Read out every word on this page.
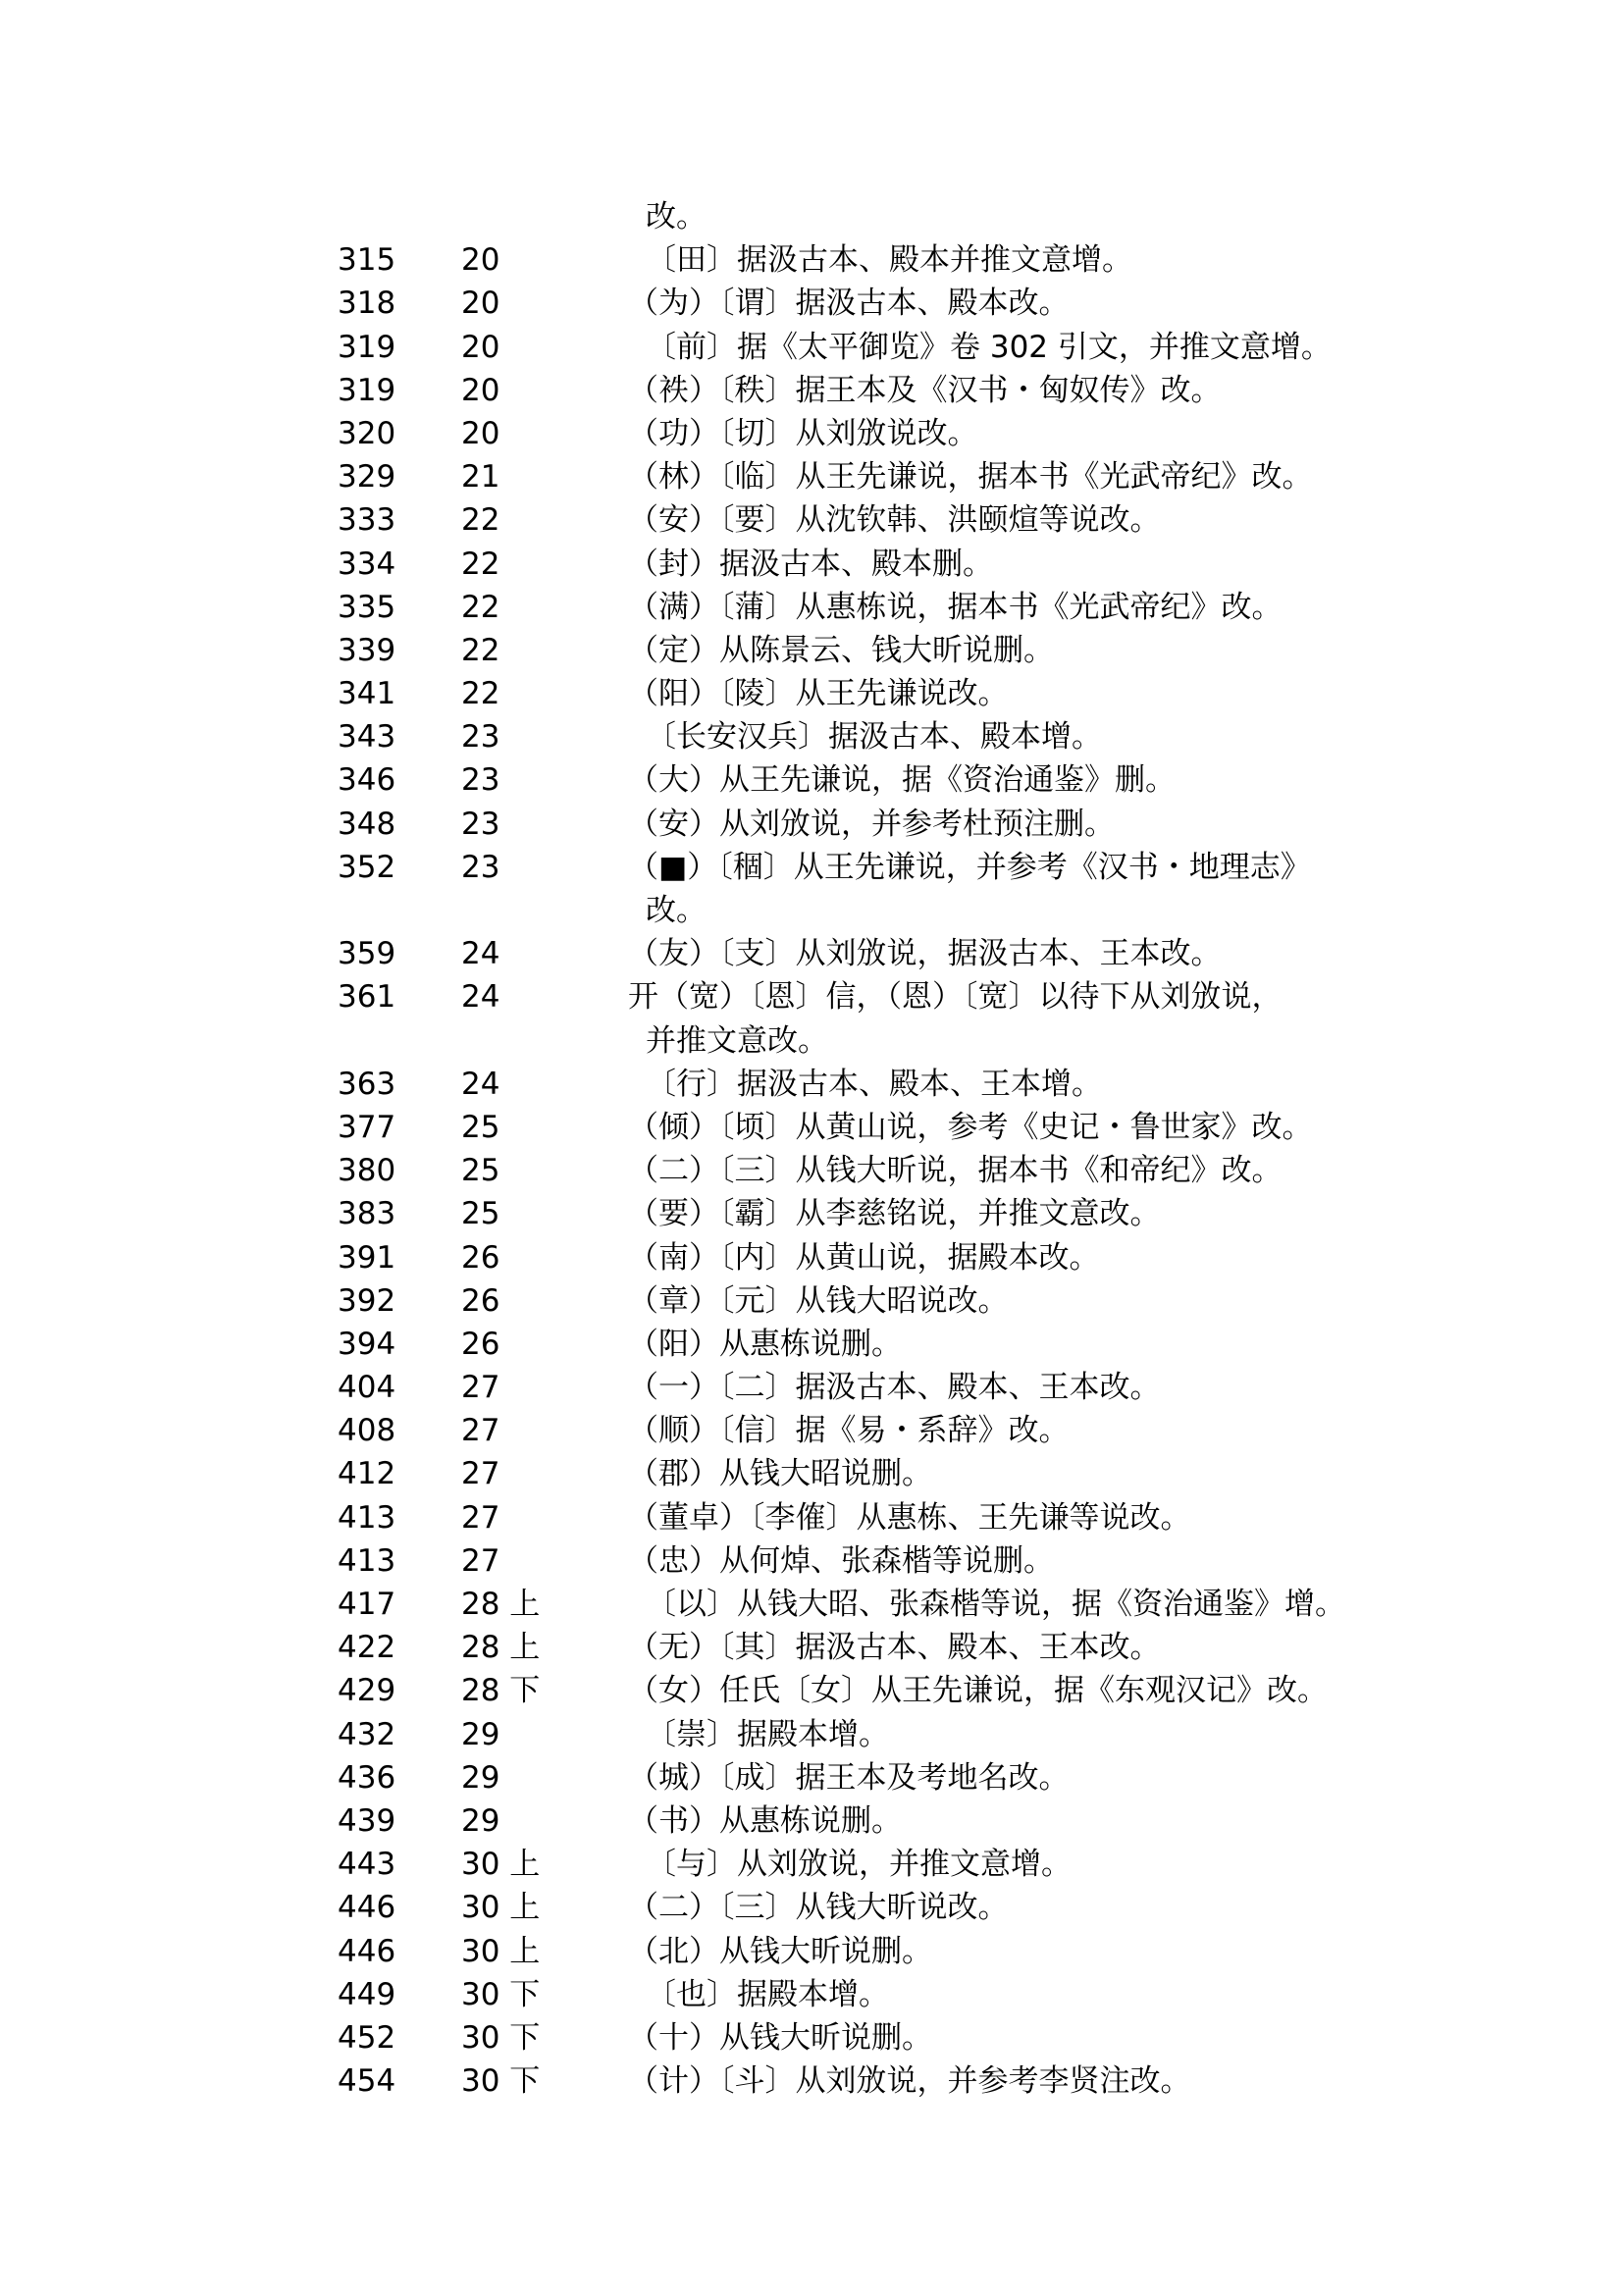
改。
315 20	〔田〕据汲古本、殿本并推文意增。
318 20	（为）〔谓〕据汲古本、殿本改。
319 20	〔前〕据《太平御览》卷 302 引文，并推文意增。
319 20	（袟）〔秩〕据王本及《汉书・匈奴传》改。
320 20	（功）〔切〕从刘攽说改。
329 21	（林）〔临〕从王先谦说，据本书《光武帝纪》改。
333 22	（安）〔要〕从沈钦韩、洪颐煊等说改。
334 22	（封）据汲古本、殿本删。
335 22	（满）〔蒲〕从惠栋说，据本书《光武帝纪》改。
339 22	（定）从陈景云、钱大昕说删。
341 22	（阳）〔陵〕从王先谦说改。
343 23	〔长安汉兵〕据汲古本、殿本增。
346 23	（大）从王先谦说，据《资治通鉴》删。
348 23	（安）从刘攽说，并参考杜预注删。
352 23	（■）〔稒〕从王先谦说，并参考《汉书・地理志》
改。
359 24	（友）〔支〕从刘攽说，据汲古本、王本改。
361 24	开（宽）〔恩〕信，（恩）〔宽〕以待下从刘攽说，
并推文意改。
363 24	〔行〕据汲古本、殿本、王本增。
377 25	（倾）〔顷〕从黄山说，参考《史记・鲁世家》改。
380 25	（二）〔三〕从钱大昕说，据本书《和帝纪》改。
383 25	（要）〔霸〕从李慈铭说，并推文意改。
391 26	（南）〔内〕从黄山说，据殿本改。
392 26	（章）〔元〕从钱大昭说改。
394 26	（阳）从惠栋说删。
404 27	（一）〔二〕据汲古本、殿本、王本改。
408 27	（顺）〔信〕据《易・系辞》改。
412 27	（郡）从钱大昭说删。
413 27	（董卓）〔李傕〕从惠栋、王先谦等说改。
413 27	（忠）从何焯、张森楷等说删。
417 28 上	〔以〕从钱大昭、张森楷等说，据《资治通鉴》增。
422 28 上	（无）〔其〕据汲古本、殿本、王本改。
429 28 下	（女）任氏〔女〕从王先谦说，据《东观汉记》改。
432 29	〔崇〕据殿本增。
436 29	（城）〔成〕据王本及考地名改。
439 29	（书）从惠栋说删。
443 30 上	〔与〕从刘攽说，并推文意增。
446 30 上	（二）〔三〕从钱大昕说改。
446 30 上	（北）从钱大昕说删。
449 30 下	〔也〕据殿本增。
452 30 下	（十）从钱大昕说删。
454 30 下	（计）〔斗〕从刘攽说，并参考李贤注改。
